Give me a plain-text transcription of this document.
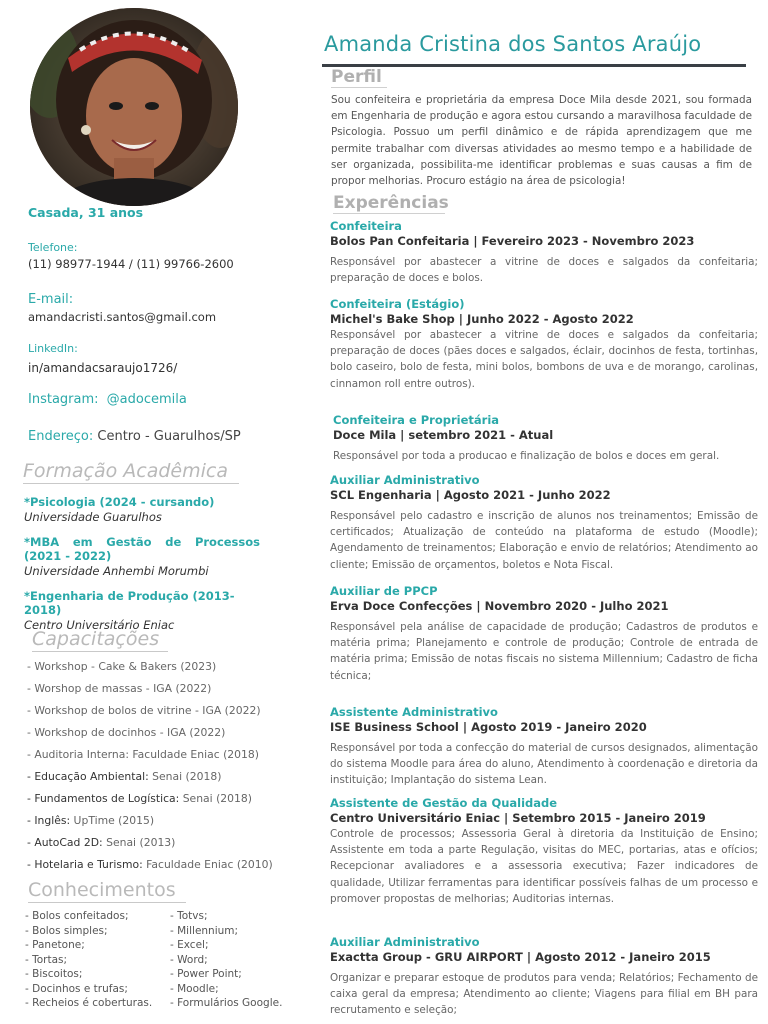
Casada, 31 anos
Telefone:
(11) 98977-1944 / (11) 99766-2600
E-mail:
amandacristi.santos@gmail.com
LinkedIn:
in/amandacsaraujo1726/
Instagram: @adocemila
Endereço: Centro - Guarulhos/SP
Formação Acadêmica
*Psicologia (2024 - cursando)
Universidade Guarulhos
*MBA em Gestão de Processos (2021 - 2022)
Universidade Anhembi Morumbi
*Engenharia de Produção (2013- 2018)
Centro Universitário Eniac
Capacitações
- Workshop - Cake & Bakers (2023)
- Worshop de massas - IGA (2022)
- Workshop de bolos de vitrine - IGA (2022)
- Workshop de docinhos - IGA (2022)
- Auditoria Interna: Faculdade Eniac (2018)
- Educação Ambiental: Senai (2018)
- Fundamentos de Logística: Senai (2018)
- Inglês: UpTime (2015)
- AutoCad 2D: Senai (2013)
- Hotelaria e Turismo: Faculdade Eniac (2010)
Conhecimentos
- Bolos confeitados;
- Bolos simples;
- Panetone;
- Tortas;
- Biscoitos;
- Docinhos e trufas;
- Recheios é coberturas.
- Totvs;
- Millennium;
- Excel;
- Word;
- Power Point;
- Moodle;
- Formulários Google.
Amanda Cristina dos Santos Araújo
Perfil
Sou confeiteira e proprietária da empresa Doce Mila desde 2021, sou formada em Engenharia de produção e agora estou cursando a maravilhosa faculdade de Psicologia. Possuo um perfil dinâmico e de rápida aprendizagem que me permite trabalhar com diversas atividades ao mesmo tempo e a habilidade de ser organizada, possibilita-me identificar problemas e suas causas a fim de propor melhorias. Procuro estágio na área de psicologia!
Experências
Confeiteira
Bolos Pan Confeitaria | Fevereiro 2023 - Novembro 2023
Responsável por abastecer a vitrine de doces e salgados da confeitaria; preparação de doces e bolos.
Confeiteira (Estágio)
Michel's Bake Shop | Junho 2022 - Agosto 2022
Responsável por abastecer a vitrine de doces e salgados da confeitaria; preparação de doces (pães doces e salgados, éclair, docinhos de festa, tortinhas, bolo caseiro, bolo de festa, mini bolos, bombons de uva e de morango, carolinas, cinnamon roll entre outros).
Confeiteira e Proprietária
Doce Mila | setembro 2021 - Atual
Responsável por toda a producao e finalização de bolos e doces em geral.
Auxiliar Administrativo
SCL Engenharia | Agosto 2021 - Junho 2022
Responsável pelo cadastro e inscrição de alunos nos treinamentos; Emissão de certificados; Atualização de conteúdo na plataforma de estudo (Moodle); Agendamento de treinamentos; Elaboração e envio de relatórios; Atendimento ao cliente; Emissão de orçamentos, boletos e Nota Fiscal.
Auxiliar de PPCP
Erva Doce Confecções | Novembro 2020 - Julho 2021
Responsável pela análise de capacidade de produção; Cadastros de produtos e matéria prima; Planejamento e controle de produção; Controle de entrada de matéria prima; Emissão de notas fiscais no sistema Millennium; Cadastro de ficha técnica;
Assistente Administrativo
ISE Business School | Agosto 2019 - Janeiro 2020
Responsável por toda a confecção do material de cursos designados, alimentação do sistema Moodle para área do aluno, Atendimento à coordenação e diretoria da instituição; Implantação do sistema Lean.
Assistente de Gestão da Qualidade
Centro Universitário Eniac | Setembro 2015 - Janeiro 2019
Controle de processos; Assessoria Geral à diretoria da Instituição de Ensino; Assistente em toda a parte Regulação, visitas do MEC, portarias, atas e ofícios; Recepcionar avaliadores e a assessoria executiva; Fazer indicadores de qualidade, Utilizar ferramentas para identificar possíveis falhas de um processo e promover propostas de melhorias; Auditorias internas.
Auxiliar Administrativo
Exactta Group - GRU AIRPORT | Agosto 2012 - Janeiro 2015
Organizar e preparar estoque de produtos para venda; Relatórios; Fechamento de caixa geral da empresa; Atendimento ao cliente; Viagens para filial em BH para recrutamento e seleção;
